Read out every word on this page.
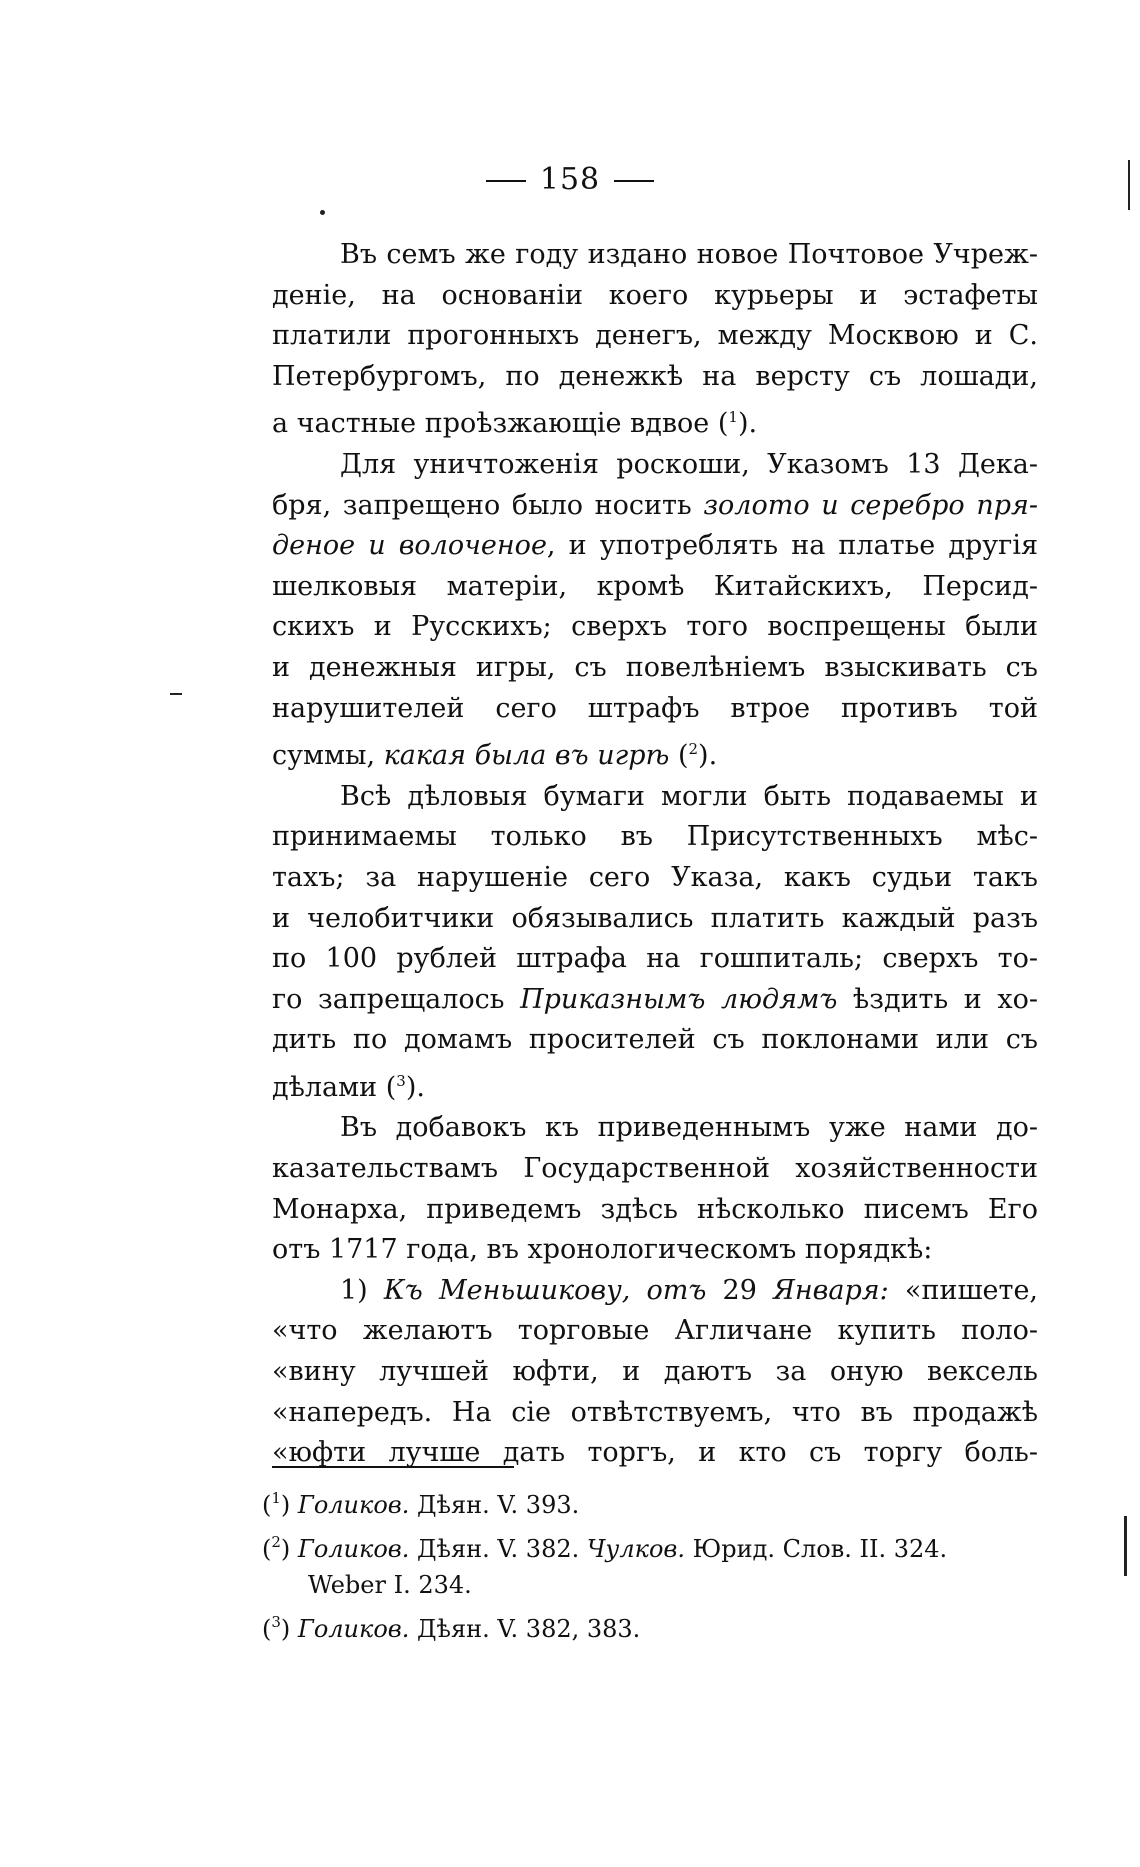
158
Въ семъ же году издано новое Почтовое Учреж-
деніе, на основаніи коего курьеры и эстафеты
платили прогонныхъ денегъ, между Москвою и С.
Петербургомъ, по денежкѣ на версту съ лошади,
а частные проѣзжающіе вдвое ($^1$).
Для уничтоженія роскоши, Указомъ 13 Дека-
бря, запрещено было носить золото и серебро пря-
деное и волоченое, и употреблять на платье другія
шелковыя матеріи, кромѣ Китайскихъ, Персид-
скихъ и Русскихъ; сверхъ того воспрещены были
и денежныя игры, съ повелѣніемъ взыскивать съ
нарушителей сего штрафъ втрое противъ той
суммы, какая была въ игрѣ ($^2$).
Всѣ дѣловыя бумаги могли быть подаваемы и
принимаемы только въ Присутственныхъ мѣс-
тахъ; за нарушеніе сего Указа, какъ судьи такъ
и челобитчики обязывались платить каждый разъ
по 100 рублей штрафа на гошпиталь; сверхъ то-
го запрещалось Приказнымъ людямъ ѣздить и хо-
дить по домамъ просителей съ поклонами или съ
дѣлами ($^3$).
Въ добавокъ къ приведеннымъ уже нами до-
казательствамъ Государственной хозяйственности
Монарха, приведемъ здѣсь нѣсколько писемъ Его
отъ 1717 года, въ хронологическомъ порядкѣ:
1) Къ Меньшикову, отъ 29 Января: «пишете,
«что желаютъ торговые Агличане купить поло-
«вину лучшей юфти, и даютъ за оную вексель
«напередъ. На сіе отвѣтствуемъ, что въ продажѣ
«юфти лучше дать торгъ, и кто съ торгу боль-
($^1$) Голиков. Дѣян. V. 393.
($^2$) Голиков. Дѣян. V. 382. Чулков. Юрид. Слов. II. 324.
Weber I. 234.
($^3$) Голиков. Дѣян. V. 382, 383.
